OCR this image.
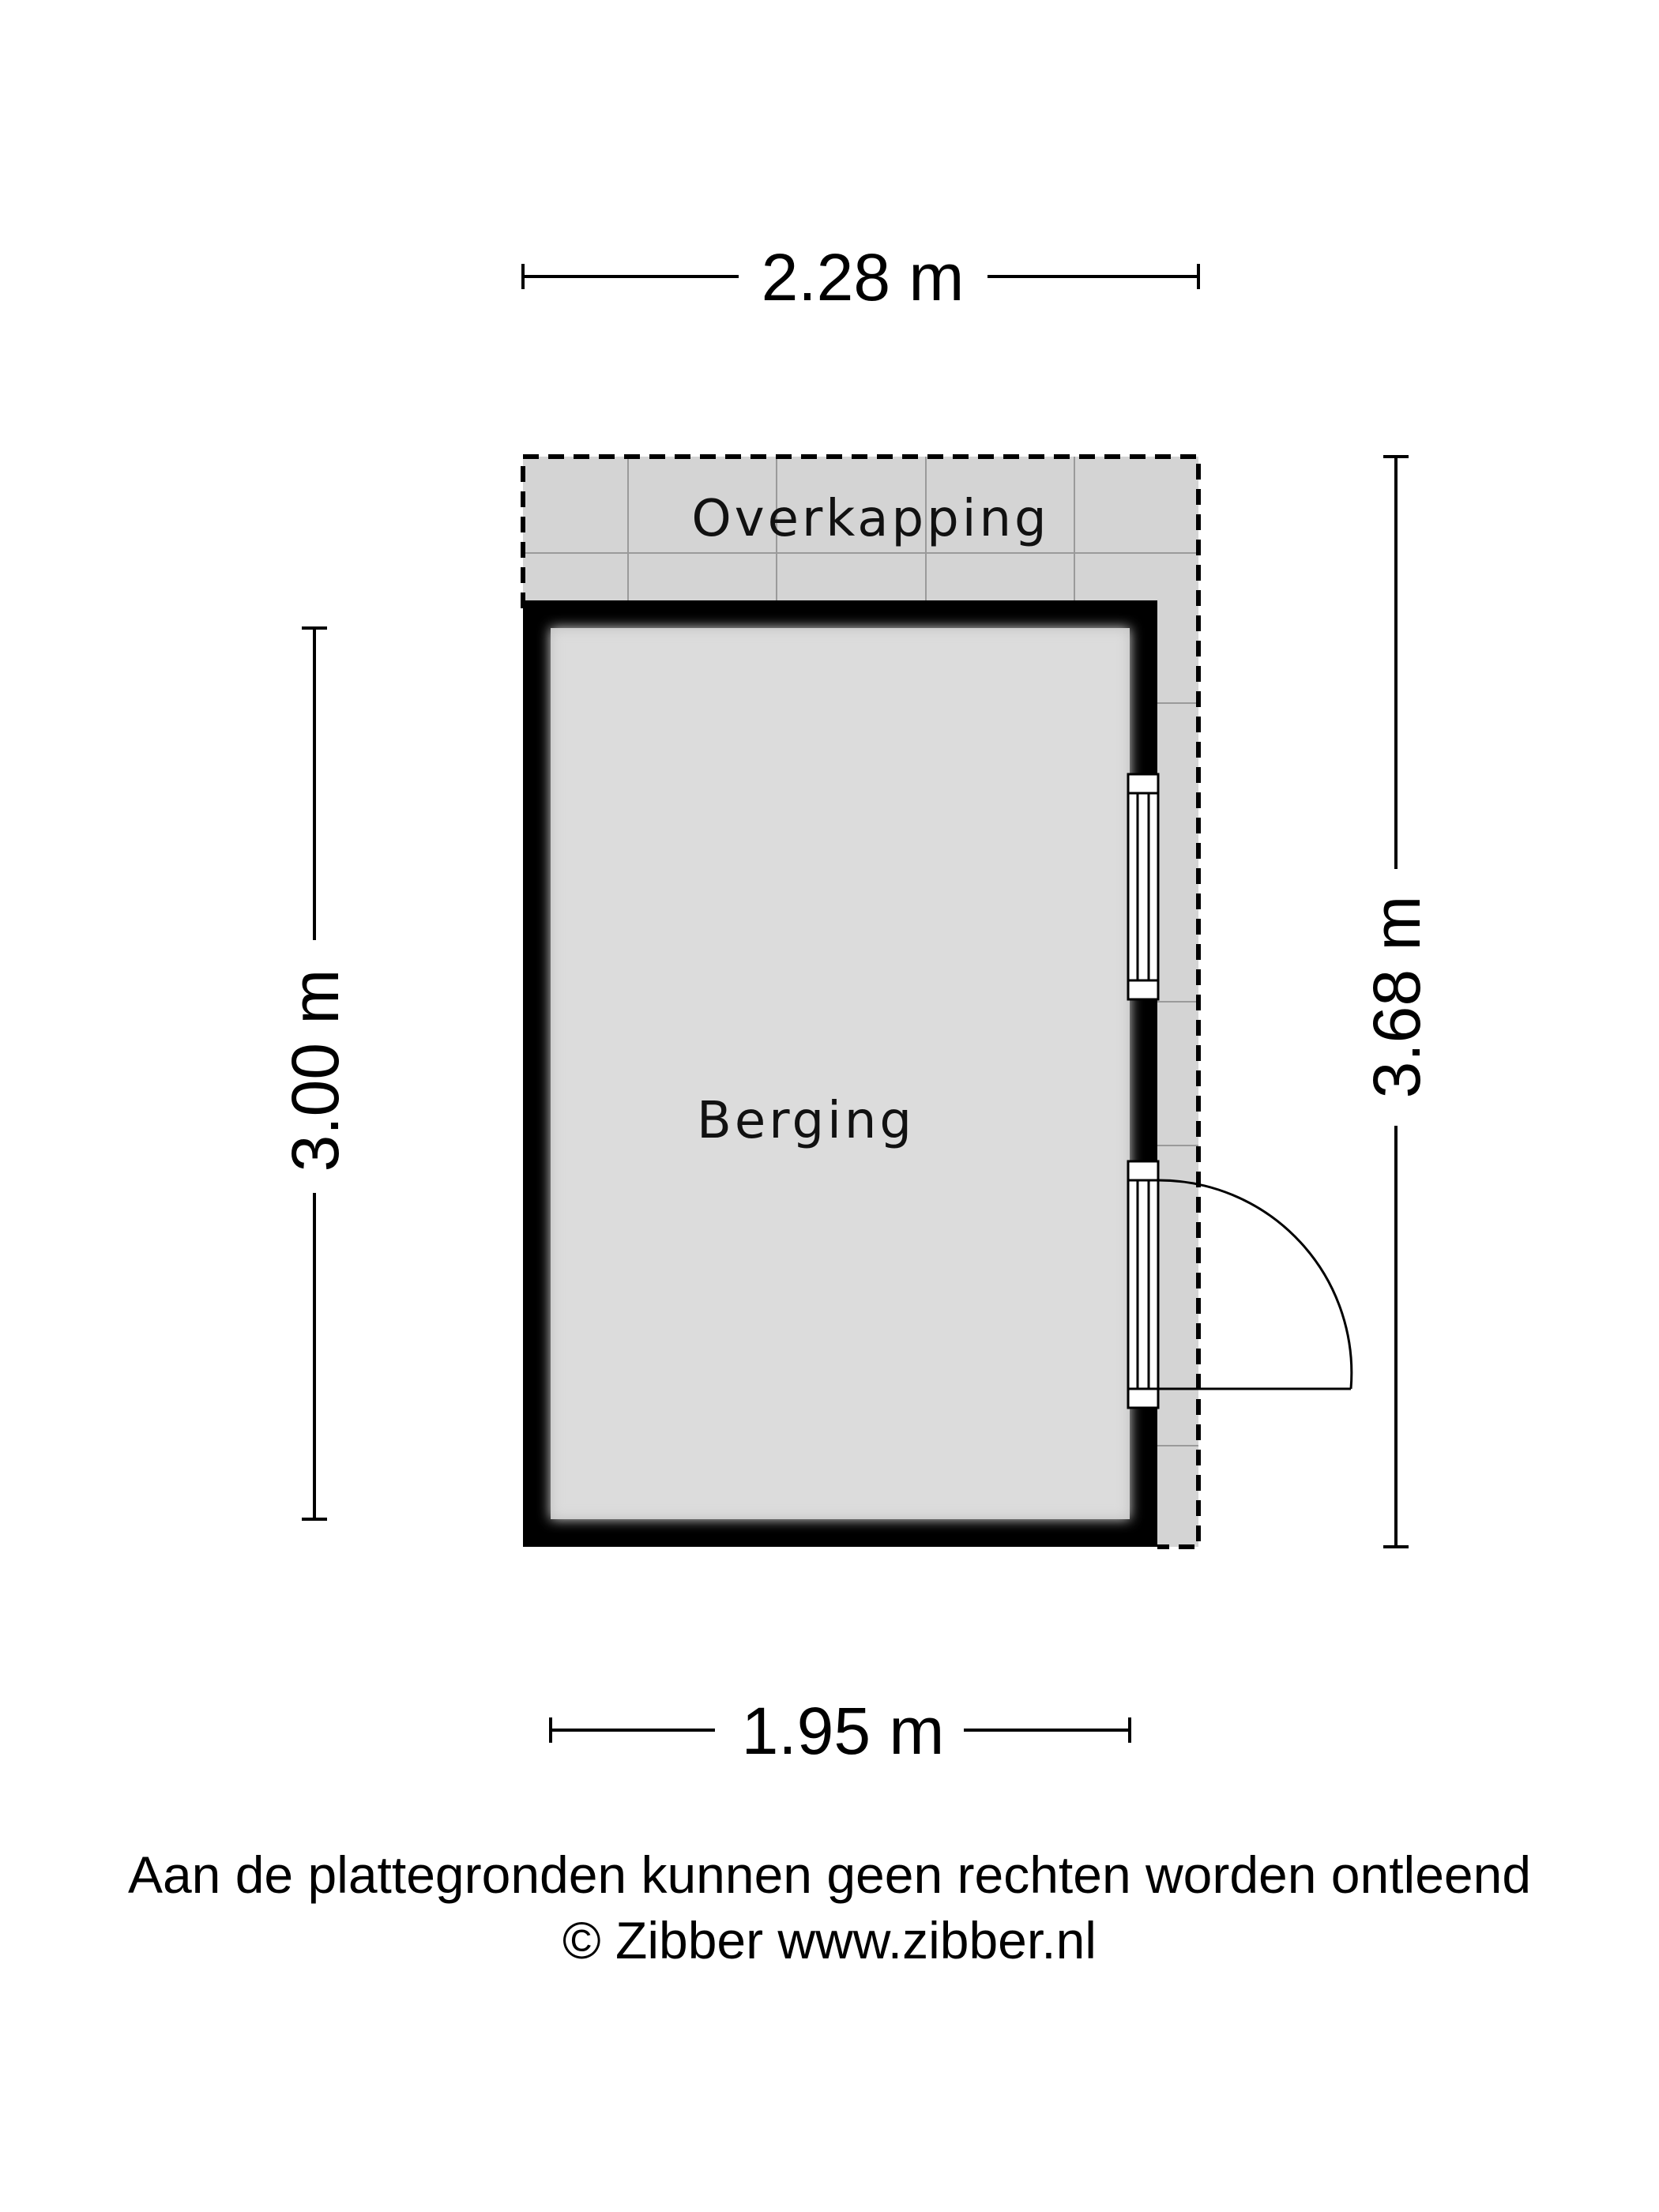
Overkapping
Berging
2.28 m
1.95 m
3.00 m	3.68 m
Aan de plattegronden kunnen geen rechten worden ontleend
© Zibber www.zibber.nl
